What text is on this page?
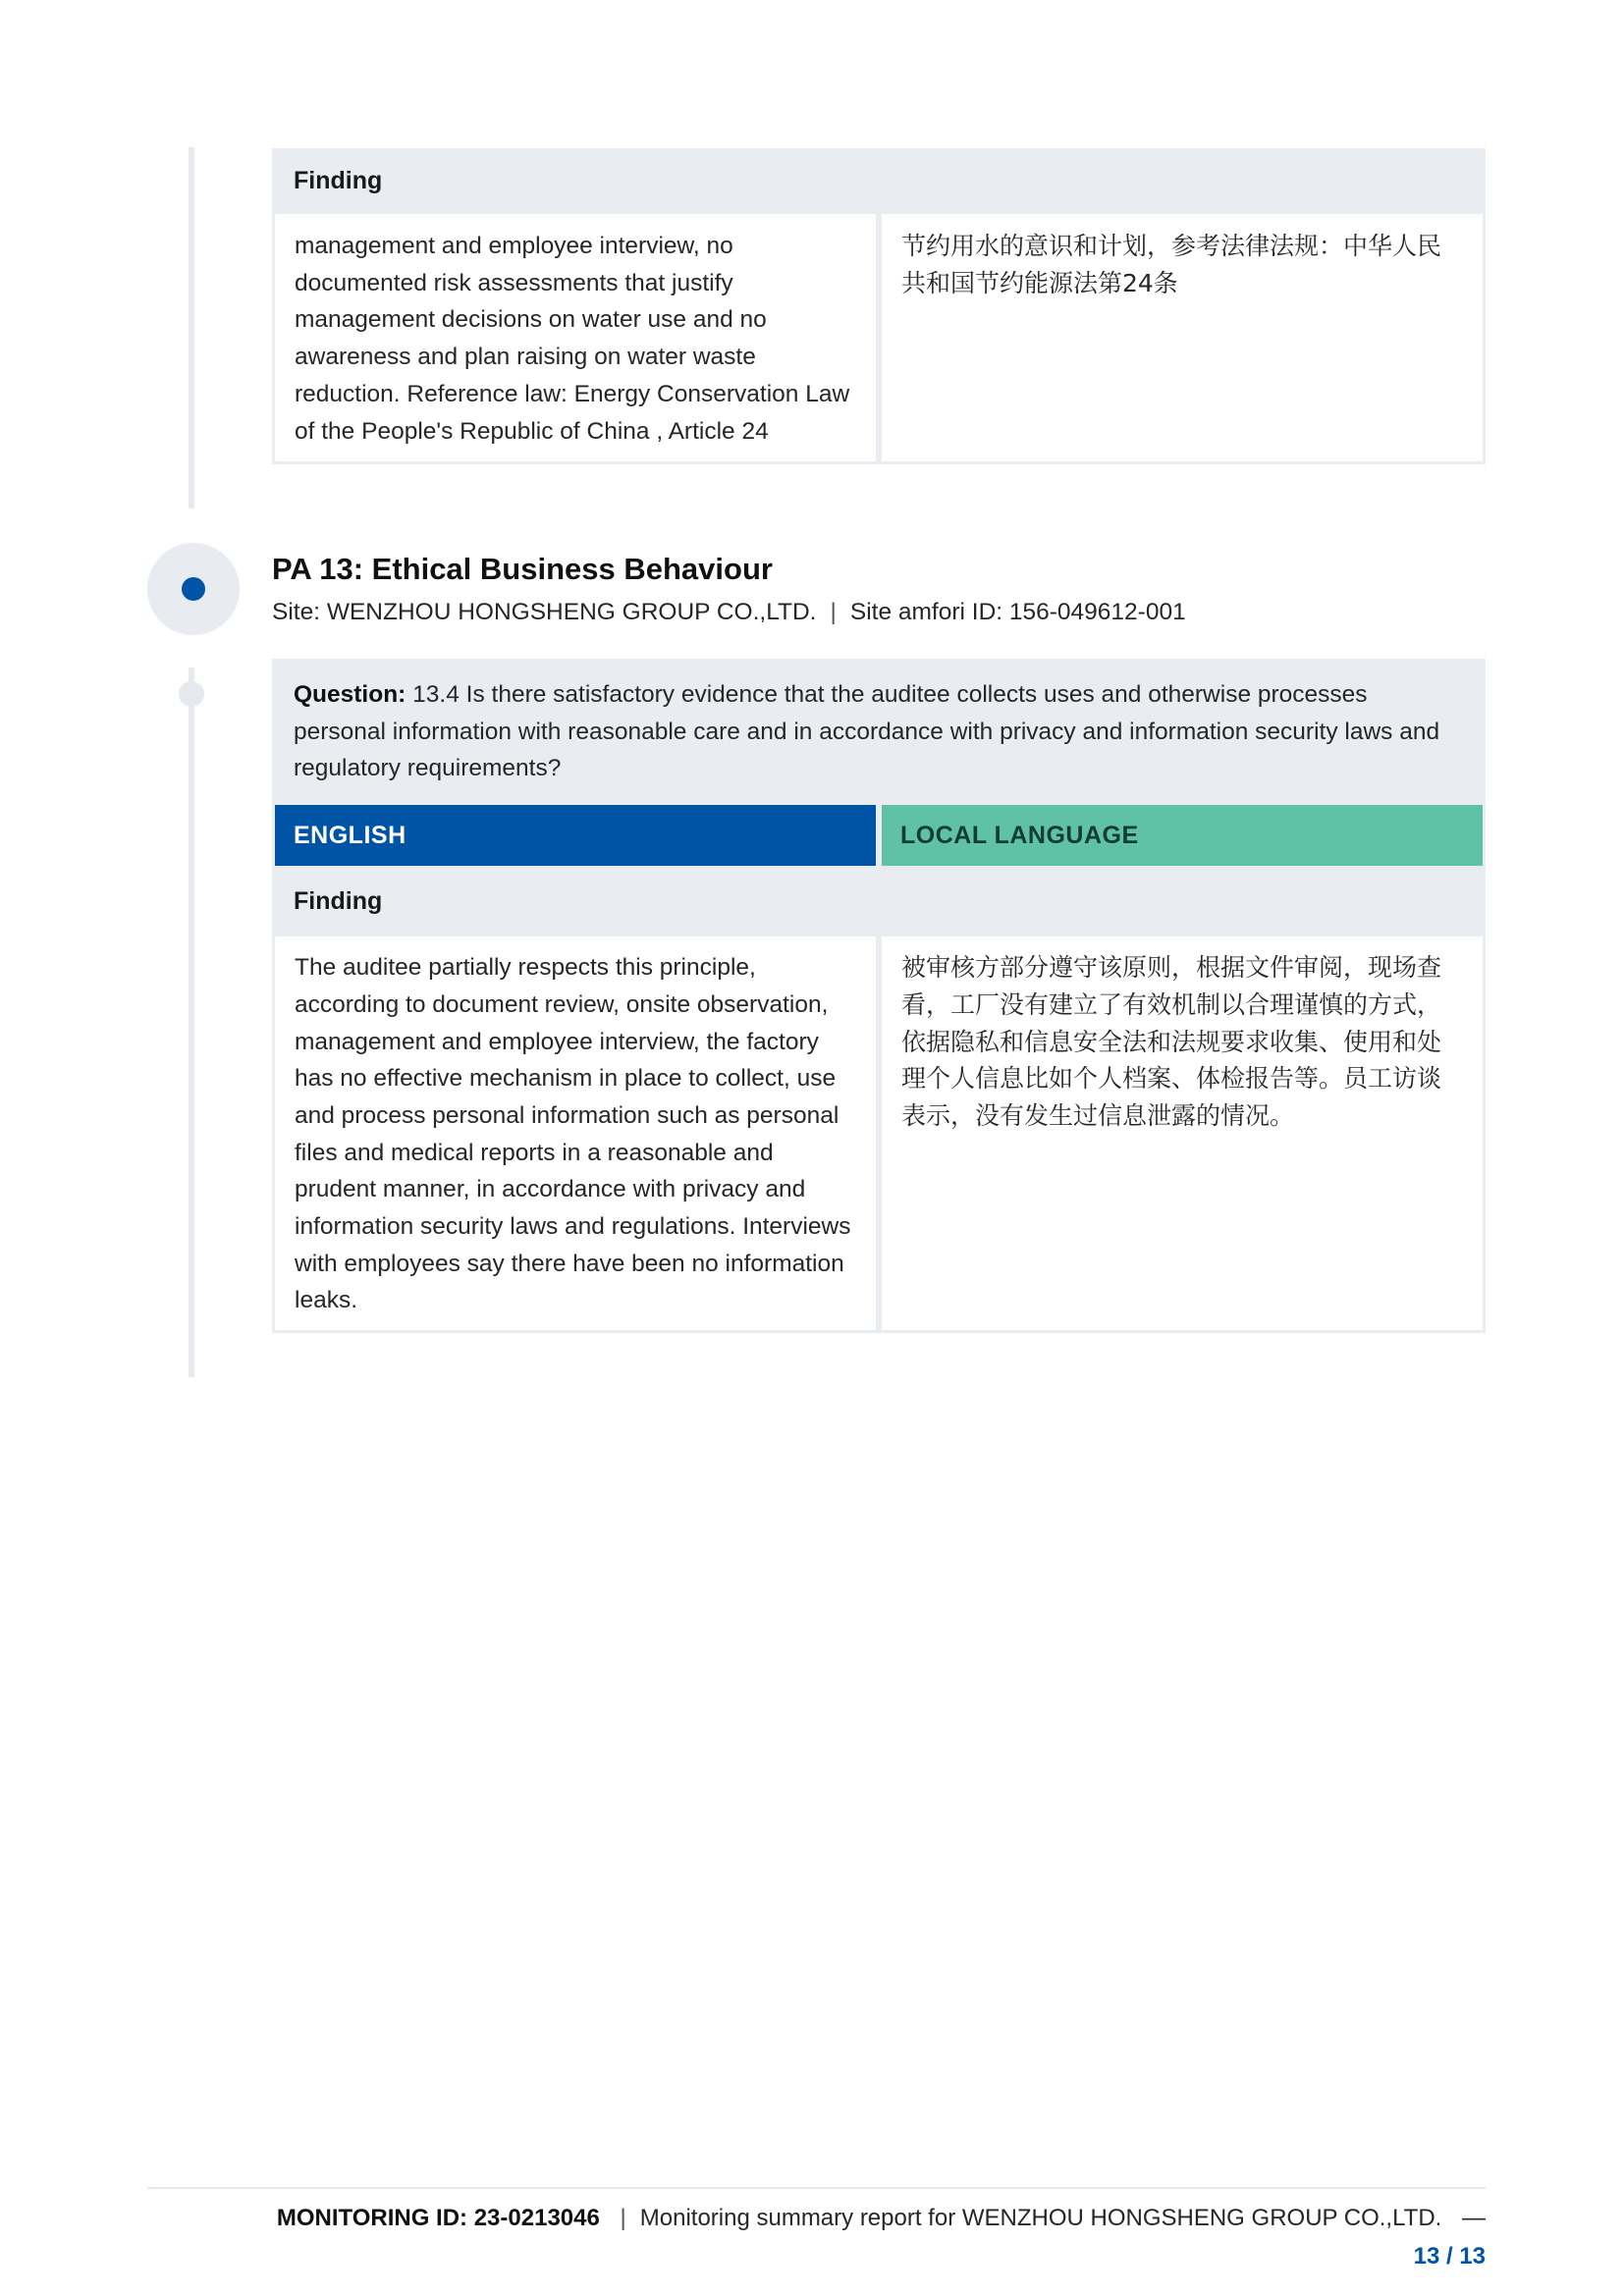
Finding
management and employee interview, no documented risk assessments that justify management decisions on water use and no awareness and plan raising on water waste reduction. Reference law: Energy Conservation Law of the People's Republic of China , Article 24
节约用水的意识和计划，参考法律法规：中华人民共和国节约能源法第24条
PA 13: Ethical Business Behaviour
Site: WENZHOU HONGSHENG GROUP CO.,LTD. | Site amfori ID: 156-049612-001
Question: 13.4 Is there satisfactory evidence that the auditee collects uses and otherwise processes personal information with reasonable care and in accordance with privacy and information security laws and regulatory requirements?
ENGLISH	LOCAL LANGUAGE
Finding
The auditee partially respects this principle, according to document review, onsite observation, management and employee interview, the factory has no effective mechanism in place to collect, use and process personal information such as personal files and medical reports in a reasonable and prudent manner, in accordance with privacy and information security laws and regulations. Interviews with employees say there have been no information leaks.
被审核方部分遵守该原则，根据文件审阅，现场查看，工厂没有建立了有效机制以合理谨慎的方式，依据隐私和信息安全法和法规要求收集、使用和处理个人信息比如个人档案、体检报告等。员工访谈表示，没有发生过信息泄露的情况。
MONITORING ID: 23-0213046 | Monitoring summary report for WENZHOU HONGSHENG GROUP CO.,LTD. —
13 / 13
